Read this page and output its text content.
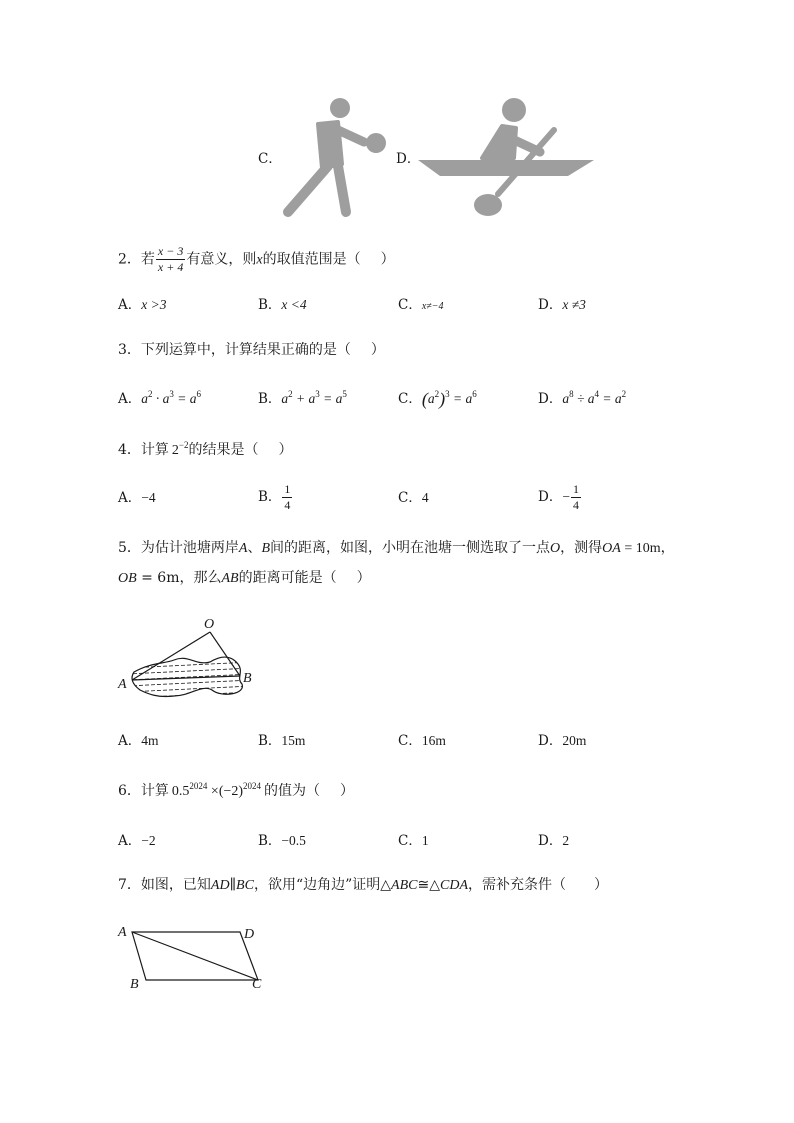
C．	D．
2．若 $\frac{x - 3}{x + 4}$ 有意义，则x的取值范围是（ ）
A．x >3	B．x <4	C．x≠−4	D．x ≠3
3．下列运算中，计算结果正确的是（ ）
A．$a^2 \cdot a^3 = a^6$	B．$a^2 + a^3 = a^5$	C．$(a^2)^3 = a^6$	D．$a^8 \div a^4 = a^2$
4．计算 $2^{-2}$的结果是（ ）
A．−4	B． $\frac{1}{4}$	C．4	D．− $\frac{1}{4}$
5．为估计池塘两岸A、B间的距离，如图，小明在池塘一侧选取了一点O，测得OA = 10m，
OB = 6m，那么AB的距离可能是（ ）
O
A	B
A．4m	B．15m	C．16m	D．20m
6．计算 $0.5^{2024} \times(-2)^{2024}$ 的值为（ ）
A．−2	B．−0.5	C．1	D．2
7．如图，已知AD∥BC，欲用“边角边”证明△ABC≅△CDA，需补充条件（ ）
A	D
B	C
